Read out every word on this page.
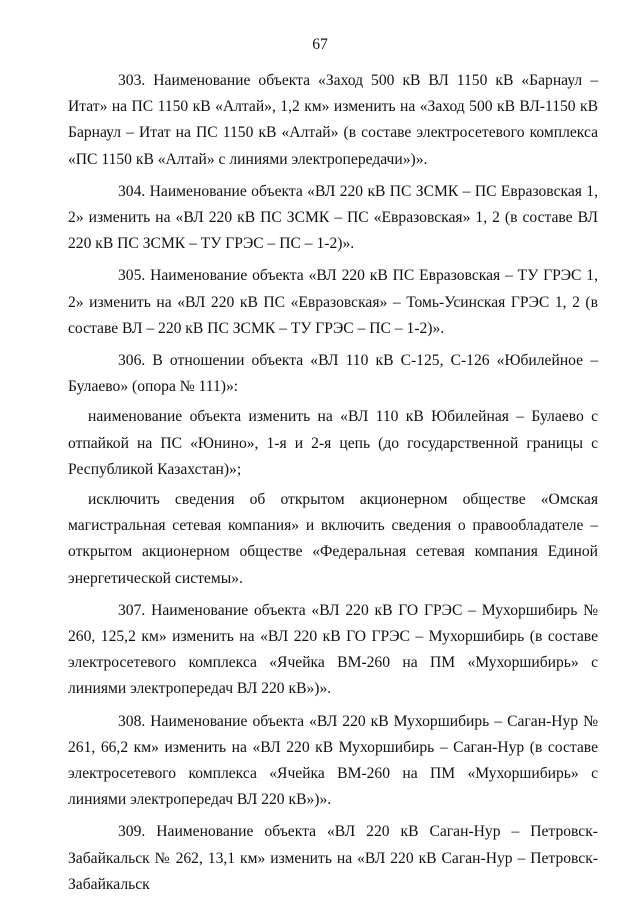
67

303. Наименование объекта «Заход 500 кВ ВЛ 1150 кВ «Барнаул – Итат» на ПС 1150 кВ «Алтай», 1,2 км» изменить на «Заход 500 кВ ВЛ-1150 кВ Барнаул – Итат на ПС 1150 кВ «Алтай» (в составе электросетевого комплекса «ПС 1150 кВ «Алтай» с линиями электропередачи»)».

304. Наименование объекта «ВЛ 220 кВ ПС ЗСМК – ПС Евразовская 1, 2» изменить на «ВЛ 220 кВ ПС ЗСМК – ПС «Евразовская» 1, 2 (в составе ВЛ 220 кВ ПС ЗСМК – ТУ ГРЭС – ПС – 1-2)».

305. Наименование объекта «ВЛ 220 кВ ПС Евразовская – ТУ ГРЭС 1, 2» изменить на «ВЛ 220 кВ ПС «Евразовская» – Томь-Усинская ГРЭС 1, 2 (в составе ВЛ – 220 кВ ПС ЗСМК – ТУ ГРЭС – ПС – 1-2)».

306. В отношении объекта «ВЛ 110 кВ С-125, С-126 «Юбилейное – Булаево» (опора № 111)»:

наименование объекта изменить на «ВЛ 110 кВ Юбилейная – Булаево с отпайкой на ПС «Юнино», 1-я и 2-я цепь (до государственной границы с Республикой Казахстан)»;

исключить сведения об открытом акционерном обществе «Омская магистральная сетевая компания» и включить сведения о правообладателе – открытом акционерном обществе «Федеральная сетевая компания Единой энергетической системы».

307. Наименование объекта «ВЛ 220 кВ ГО ГРЭС – Мухоршибирь № 260, 125,2 км» изменить на «ВЛ 220 кВ ГО ГРЭС – Мухоршибирь (в составе электросетевого комплекса «Ячейка ВМ-260 на ПМ «Мухоршибирь» с линиями электропередач ВЛ 220 кВ»)».

308. Наименование объекта «ВЛ 220 кВ Мухоршибирь – Саган-Нур № 261, 66,2 км» изменить на «ВЛ 220 кВ Мухоршибирь – Саган-Нур (в составе электросетевого комплекса «Ячейка ВМ-260 на ПМ «Мухоршибирь» с линиями электропередач ВЛ 220 кВ»)».

309. Наименование объекта «ВЛ 220 кВ Саган-Нур – Петровск-Забайкальск № 262, 13,1 км» изменить на «ВЛ 220 кВ Саган-Нур – Петровск-Забайкальск
